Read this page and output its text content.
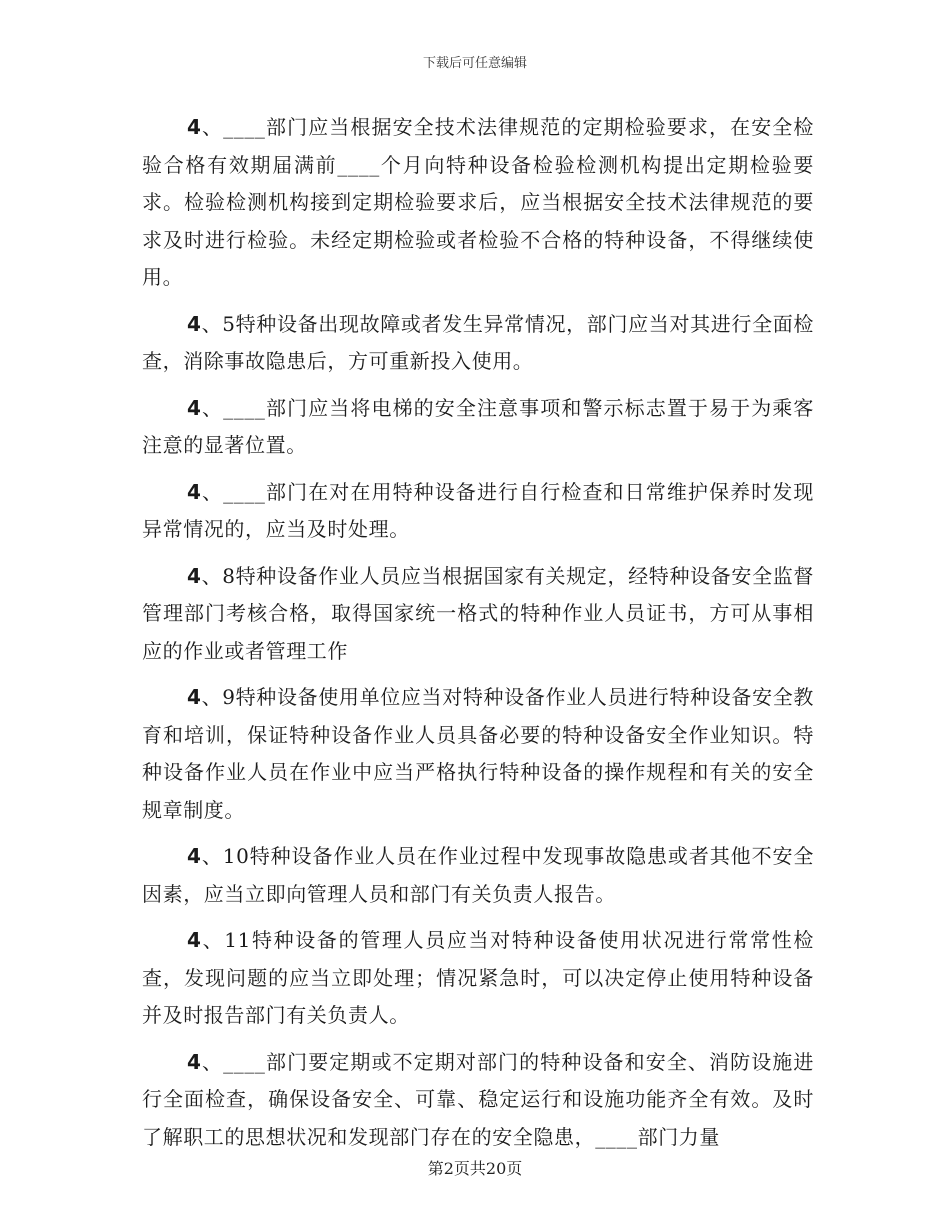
下载后可任意编辑

4、____部门应当根据安全技术法律规范的定期检验要求，在安全检验合格有效期届满前____个月向特种设备检验检测机构提出定期检验要求。检验检测机构接到定期检验要求后，应当根据安全技术法律规范的要求及时进行检验。未经定期检验或者检验不合格的特种设备，不得继续使用。

4、5特种设备出现故障或者发生异常情况，部门应当对其进行全面检查，消除事故隐患后，方可重新投入使用。

4、____部门应当将电梯的安全注意事项和警示标志置于易于为乘客注意的显著位置。

4、____部门在对在用特种设备进行自行检查和日常维护保养时发现异常情况的，应当及时处理。

4、8特种设备作业人员应当根据国家有关规定，经特种设备安全监督管理部门考核合格，取得国家统一格式的特种作业人员证书，方可从事相应的作业或者管理工作

4、9特种设备使用单位应当对特种设备作业人员进行特种设备安全教育和培训，保证特种设备作业人员具备必要的特种设备安全作业知识。特种设备作业人员在作业中应当严格执行特种设备的操作规程和有关的安全规章制度。

4、10特种设备作业人员在作业过程中发现事故隐患或者其他不安全因素，应当立即向管理人员和部门有关负责人报告。

4、11特种设备的管理人员应当对特种设备使用状况进行常常性检查，发现问题的应当立即处理；情况紧急时，可以决定停止使用特种设备并及时报告部门有关负责人。

4、____部门要定期或不定期对部门的特种设备和安全、消防设施进行全面检查，确保设备安全、可靠、稳定运行和设施功能齐全有效。及时了解职工的思想状况和发现部门存在的安全隐患，____部门力量

第2页共20页
